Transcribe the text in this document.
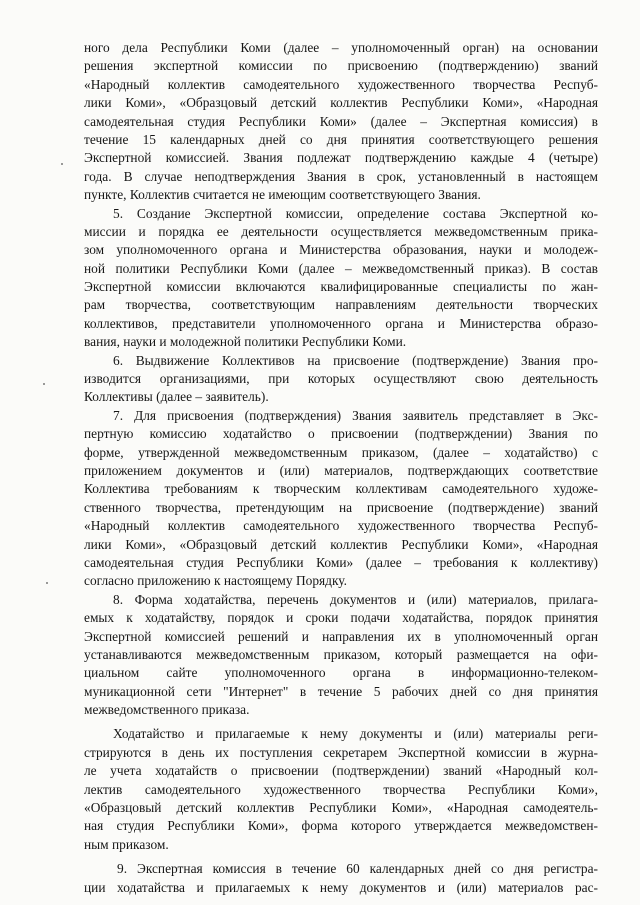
ного дела Республики Коми (далее – уполномоченный орган) на основании
решения экспертной комиссии по присвоению (подтверждению) званий
«Народный коллектив самодеятельного художественного творчества Респуб-
лики Коми», «Образцовый детский коллектив Республики Коми», «Народная
самодеятельная студия Республики Коми» (далее – Экспертная комиссия) в
течение 15 календарных дней со дня принятия соответствующего решения
Экспертной комиссией. Звания подлежат подтверждению каждые 4 (четыре)
года. В случае неподтверждения Звания в срок, установленный в настоящем
пункте, Коллектив считается не имеющим соответствующего Звания.
5. Создание Экспертной комиссии, определение состава Экспертной ко-
миссии и порядка ее деятельности осуществляется межведомственным прика-
зом уполномоченного органа и Министерства образования, науки и молодеж-
ной политики Республики Коми (далее – межведомственный приказ). В состав
Экспертной комиссии включаются квалифицированные специалисты по жан-
рам творчества, соответствующим направлениям деятельности творческих
коллективов, представители уполномоченного органа и Министерства образо-
вания, науки и молодежной политики Республики Коми.
6. Выдвижение Коллективов на присвоение (подтверждение) Звания про-
изводится организациями, при которых осуществляют свою деятельность
Коллективы (далее – заявитель).
7. Для присвоения (подтверждения) Звания заявитель представляет в Экс-
пертную комиссию ходатайство о присвоении (подтверждении) Звания по
форме, утвержденной межведомственным приказом, (далее – ходатайство) с
приложением документов и (или) материалов, подтверждающих соответствие
Коллектива требованиям к творческим коллективам самодеятельного художе-
ственного творчества, претендующим на присвоение (подтверждение) званий
«Народный коллектив самодеятельного художественного творчества Респуб-
лики Коми», «Образцовый детский коллектив Республики Коми», «Народная
самодеятельная студия Республики Коми» (далее – требования к коллективу)
согласно приложению к настоящему Порядку.
8. Форма ходатайства, перечень документов и (или) материалов, прилага-
емых к ходатайству, порядок и сроки подачи ходатайства, порядок принятия
Экспертной комиссией решений и направления их в уполномоченный орган
устанавливаются межведомственным приказом, который размещается на офи-
циальном сайте уполномоченного органа в информационно-телеком-
муникационной сети "Интернет" в течение 5 рабочих дней со дня принятия
межведомственного приказа.
Ходатайство и прилагаемые к нему документы и (или) материалы реги-
стрируются в день их поступления секретарем Экспертной комиссии в журна-
ле учета ходатайств о присвоении (подтверждении) званий «Народный кол-
лектив самодеятельного художественного творчества Республики Коми»,
«Образцовый детский коллектив Республики Коми», «Народная самодеятель-
ная студия Республики Коми», форма которого утверждается межведомствен-
ным приказом.
9. Экспертная комиссия в течение 60 календарных дней со дня регистра-
ции ходатайства и прилагаемых к нему документов и (или) материалов рас-
